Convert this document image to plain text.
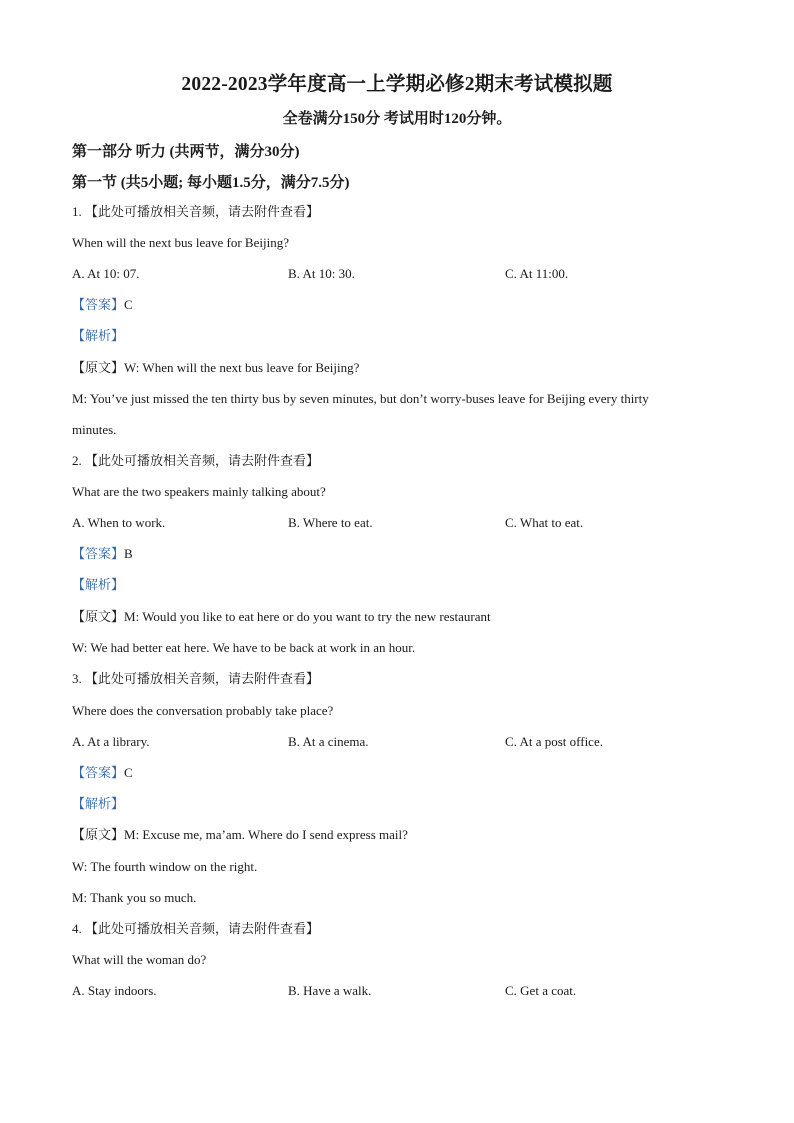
2022-2023学年度高一上学期必修2期末考试模拟题
全卷满分150分 考试用时120分钟。
第一部分 听力 (共两节，满分30分)
第一节 (共5小题; 每小题1.5分，满分7.5分)
1. 【此处可播放相关音频，请去附件查看】
When will the next bus leave for Beijing?
A. At 10: 07.	B. At 10: 30.	C. At 11:00.
【答案】C
【解析】
【原文】W: When will the next bus leave for Beijing?
M: You’ve just missed the ten thirty bus by seven minutes, but don’t worry-buses leave for Beijing every thirty
minutes.
2. 【此处可播放相关音频，请去附件查看】
What are the two speakers mainly talking about?
A. When to work.	B. Where to eat.	C. What to eat.
【答案】B
【解析】
【原文】M: Would you like to eat here or do you want to try the new restaurant
W: We had better eat here. We have to be back at work in an hour.
3. 【此处可播放相关音频，请去附件查看】
Where does the conversation probably take place?
A. At a library.	B. At a cinema.	C. At a post office.
【答案】C
【解析】
【原文】M: Excuse me, ma’am. Where do I send express mail?
W: The fourth window on the right.
M: Thank you so much.
4. 【此处可播放相关音频，请去附件查看】
What will the woman do?
A. Stay indoors.	B. Have a walk.	C. Get a coat.
